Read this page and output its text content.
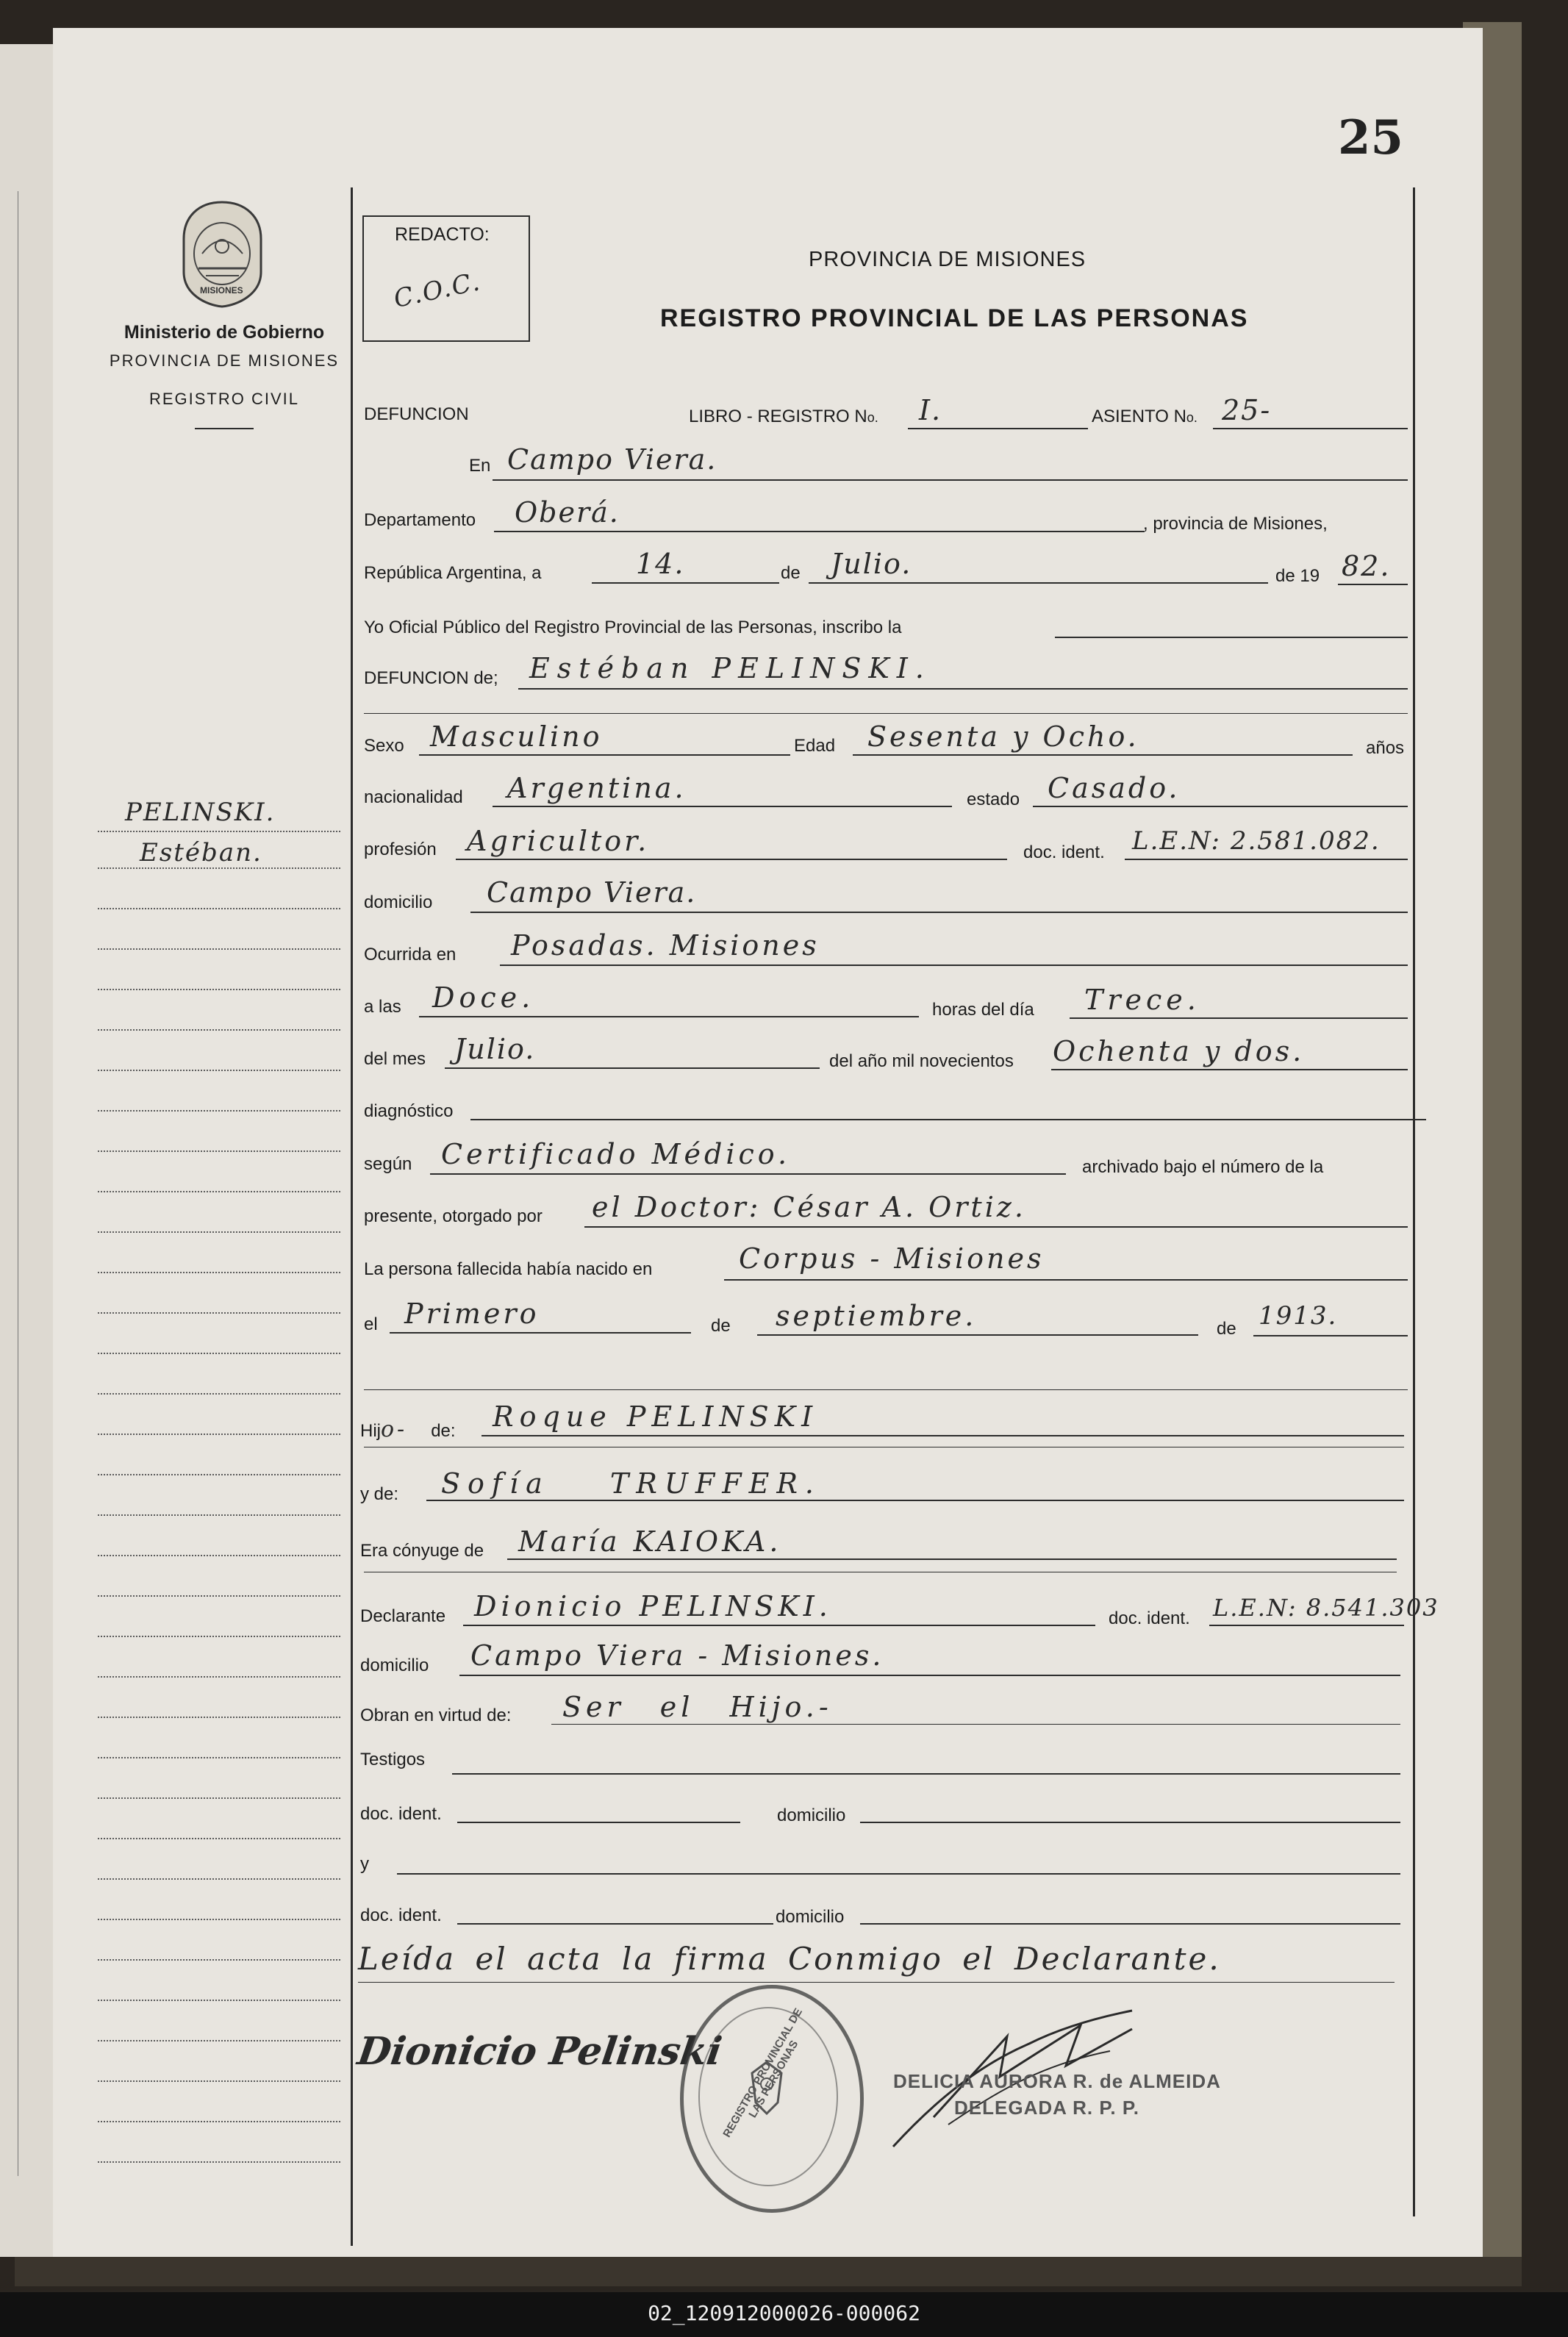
25
MISIONES
Ministerio de Gobierno
PROVINCIA DE MISIONES
REGISTRO CIVIL
PELINSKI.
Estéban.
REDACTO:
C.O.C.
PROVINCIA DE MISIONES
REGISTRO PROVINCIAL DE LAS PERSONAS
DEFUNCION	LIBRO - REGISTRO No. I.	ASIENTO No. 25-
En Campo Viera.
Departamento Oberá.	, provincia de Misiones,
República Argentina, a	14.	de Julio.	de 19 82.
Yo Oficial Público del Registro Provincial de las Personas, inscribo la
DEFUNCION de; Estéban PELINSKI.
Sexo Masculino	Edad Sesenta y Ocho.	años
nacionalidad Argentina.	estado Casado.
profesión Agricultor.	doc. ident. L.E.N: 2.581.082.
domicilio Campo Viera.
Ocurrida en Posadas. Misiones
a las Doce.	horas del día Trece.
del mes Julio.	del año mil novecientos Ochenta y dos.
diagnóstico
según Certificado Médico.	archivado bajo el número de la
presente, otorgado por el Doctor: César A. Ortiz.
La persona fallecida había nacido en	Corpus - Misiones
el Primero	de septiembre.	de 1913.
Hijo- de: Roque PELINSKI
y de: Sofía TRUFFER.
Era cónyuge de María KAIOKA.
Declarante Dionicio PELINSKI.	doc. ident. L.E.N: 8.541.303
domicilio Campo Viera - Misiones.
Obran en virtud de: Ser el Hijo.-
Testigos
doc. ident.	domicilio
y
doc. ident.	domicilio
Leída el acta la firma Conmigo el Declarante.
Dionicio Pelinski
REGISTRO PROVINCIAL DE LAS PERSONAS	DELICIA AURORA R. de ALMEIDA
DELEGADA R. P. P.
02_120912000026-000062
